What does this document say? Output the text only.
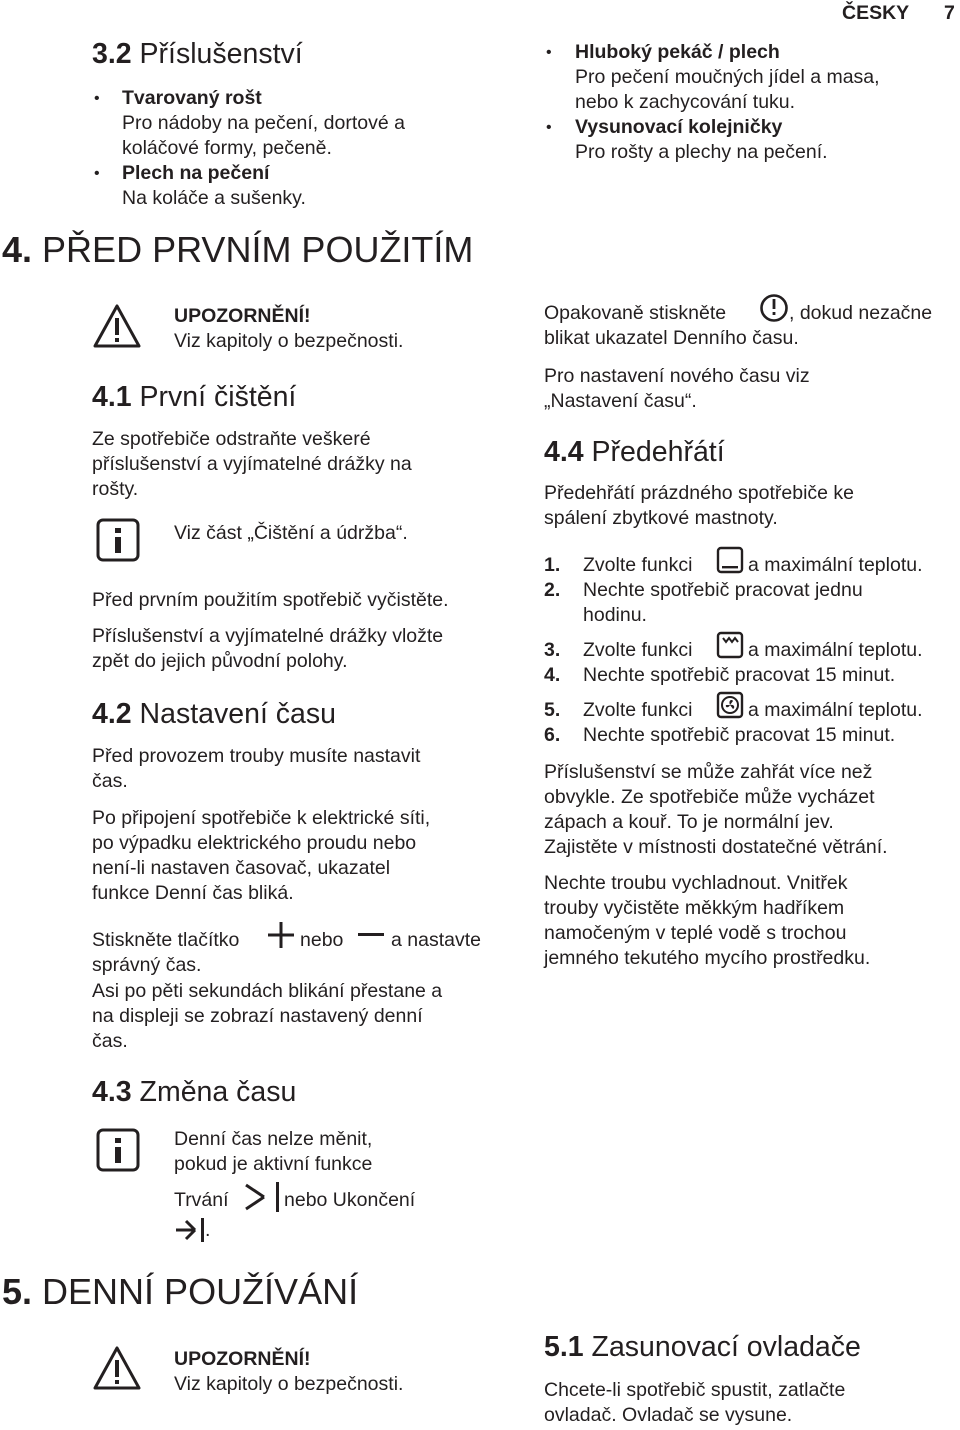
ČESKY 7
3.2 Příslušenství
• Tvarovaný rošt
Pro nádoby na pečení, dortové a
koláčové formy, pečeně.
• Plech na pečení
Na koláče a sušenky.
• Hluboký pekáč / plech
Pro pečení moučných jídel a masa,
nebo k zachycování tuku.
• Vysunovací kolejničky
Pro rošty a plechy na pečení.
4. PŘED PRVNÍM POUŽITÍM
UPOZORNĚNÍ!
Viz kapitoly o bezpečnosti.
4.1 První čištění
Ze spotřebiče odstraňte veškeré
příslušenství a vyjímatelné drážky na
rošty.
Viz část „Čištění a údržba“.
Před prvním použitím spotřebič vyčistěte.
Příslušenství a vyjímatelné drážky vložte
zpět do jejich původní polohy.
4.2 Nastavení času
Před provozem trouby musíte nastavit
čas.
Po připojení spotřebiče k elektrické síti,
po výpadku elektrického proudu nebo
není-li nastaven časovač, ukazatel
funkce Denní čas bliká.
Stiskněte tlačítko	nebo a nastavte
správný čas.
Asi po pěti sekundách blikání přestane a
na displeji se zobrazí nastavený denní
čas.
4.3 Změna času
Denní čas nelze měnit,
pokud je aktivní funkce
Trvání	nebo Ukončení
.
Opakovaně stiskněte	, dokud nezačne
blikat ukazatel Denního času.
Pro nastavení nového času viz
„Nastavení času“.
4.4 Předehřátí
Předehřátí prázdného spotřebiče ke
spálení zbytkové mastnoty.
1. Zvolte funkci	a maximální teplotu.
2. Nechte spotřebič pracovat jednu
hodinu.
3. Zvolte funkci	a maximální teplotu.
4. Nechte spotřebič pracovat 15 minut.
5. Zvolte funkci	a maximální teplotu.
6. Nechte spotřebič pracovat 15 minut.
Příslušenství se může zahřát více než
obvykle. Ze spotřebiče může vycházet
zápach a kouř. To je normální jev.
Zajistěte v místnosti dostatečné větrání.
Nechte troubu vychladnout. Vnitřek
trouby vyčistěte měkkým hadříkem
namočeným v teplé vodě s trochou
jemného tekutého mycího prostředku.
5. DENNÍ POUŽÍVÁNÍ
UPOZORNĚNÍ!
Viz kapitoly o bezpečnosti.
5.1 Zasunovací ovladače
Chcete-li spotřebič spustit, zatlačte
ovladač. Ovladač se vysune.
